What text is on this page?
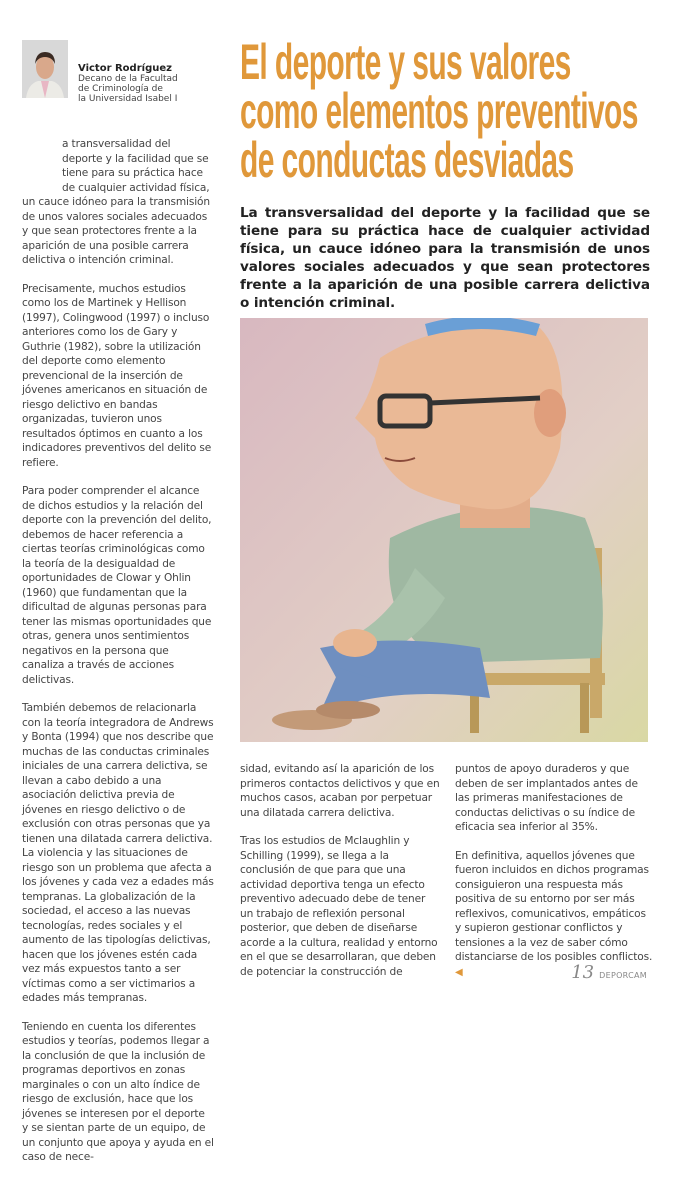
Victor Rodríguez
Decano de la Facultad
de Criminología de
la Universidad Isabel I
El deporte y sus valores
como elementos preventivos
de conductas desviadas
La transversalidad del deporte y la facilidad que se tiene para su práctica hace de cualquier actividad física, un cauce idóneo para la transmisión de unos valores sociales adecuados y que sean protectores frente a la aparición de una posible carrera delictiva o intención criminal.

a transversalidad del deporte y la facilidad que se tiene para su práctica hace de cualquier actividad física, un cauce idóneo para la transmisión de unos valores sociales adecuados y que sean protectores frente a la aparición de una posible carrera delictiva o intención criminal.

Precisamente, muchos estudios como los de Martinek y Hellison (1997), Colingwood (1997) o incluso anteriores como los de Gary y Guthrie (1982), sobre la utilización del deporte como elemento prevencional de la inserción de jóvenes americanos en situación de riesgo delictivo en bandas organizadas, tuvieron unos resultados óptimos en cuanto a los indicadores preventivos del delito se refiere.

Para poder comprender el alcance de dichos estudios y la relación del deporte con la prevención del delito, debemos de hacer referencia a ciertas teorías criminológicas como la teoría de la desigualdad de oportunidades de Clowar y Ohlin (1960) que fundamentan que la dificultad de algunas personas para tener las mismas oportunidades que otras, genera unos sentimientos negativos en la persona que canaliza a través de acciones delictivas.

También debemos de relacionarla con la teoría integradora de Andrews y Bonta (1994) que nos describe que muchas de las conductas criminales iniciales de una carrera delictiva, se llevan a cabo debido a una asociación delictiva previa de jóvenes en riesgo delictivo o de exclusión con otras personas que ya tienen una dilatada carrera delictiva. La violencia y las situaciones de riesgo son un problema que afecta a los jóvenes y cada vez a edades más tempranas. La globalización de la sociedad, el acceso a las nuevas tecnologías, redes sociales y el aumento de las tipologías delictivas, hacen que los jóvenes estén cada vez más expuestos tanto a ser víctimas como a ser victimarios a edades más tempranas.

Teniendo en cuenta los diferentes estudios y teorías, podemos llegar a la conclusión de que la inclusión de programas deportivos en zonas marginales o con un alto índice de riesgo de exclusión, hace que los jóvenes se interesen por el deporte y se sientan parte de un equipo, de un conjunto que apoya y ayuda en el caso de nece-

sidad, evitando así la aparición de los primeros contactos delictivos y que en muchos casos, acaban por perpetuar una dilatada carrera delictiva.

Tras los estudios de Mclaughlin y Schilling (1999), se llega a la conclusión de que para que una actividad deportiva tenga un efecto preventivo adecuado debe de tener un trabajo de reflexión personal posterior, que deben de diseñarse acorde a la cultura, realidad y entorno en el que se desarrollaran, que deben de potenciar la construcción de

puntos de apoyo duraderos y que deben de ser implantados antes de las primeras manifestaciones de conductas delictivas o su índice de eficacia sea inferior al 35%.

En definitiva, aquellos jóvenes que fueron incluidos en dichos programas consiguieron una respuesta más positiva de su entorno por ser más reflexivos, comunicativos, empáticos y supieron gestionar conflictos y tensiones a la vez de saber cómo distanciarse de los posibles conflictos. ◀	13 DEPORCAM
